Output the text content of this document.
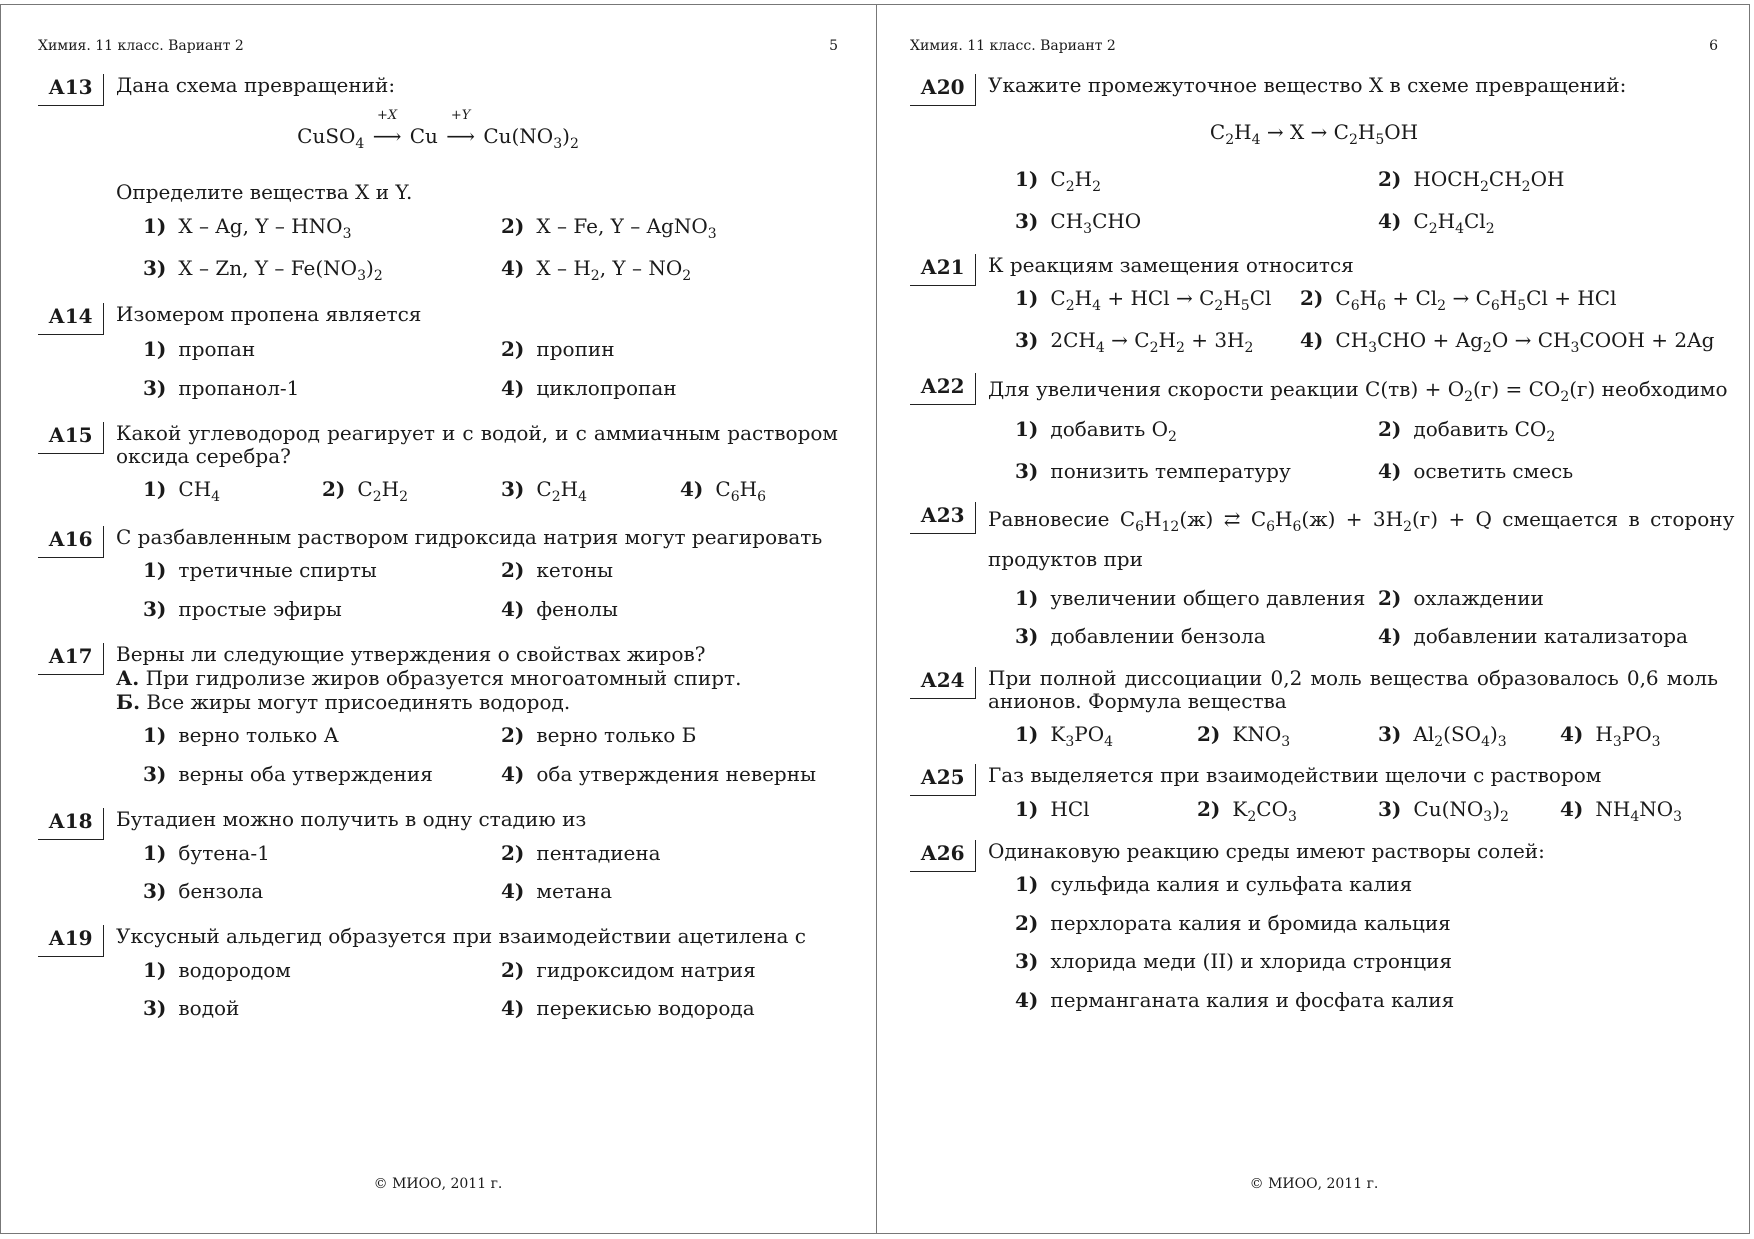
Химия. 11 класс. Вариант 2	5
А13	Дана схема превращений:
CuSO$_4$
+X
⟶ Cu
+Y
⟶ $Cu(NO_3)_2$
Определите вещества X и Y.
1) X – Ag, Y – $HNO_3$	2) X – Fe, Y – AgNO$_3$
3) X – Zn, Y – $Fe(NO_3)_2$	4) X – $H_2$, Y – $NO_2$
А14	Изомером пропена является
1) пропан	2) пропин
3) пропанол-1	4) циклопропан
А15	Какой углеводород реагирует и с водой, и с аммиачным раствором оксида серебра?
1) $CH_4$	2) $C_2H_2$	3) $C_2H_4$	4) $C_6H_6$
А16	С разбавленным раствором гидроксида натрия могут реагировать
1) третичные спирты	2) кетоны
3) простые эфиры	4) фенолы
А17	Верны ли следующие утверждения о свойствах жиров?
А. При гидролизе жиров образуется многоатомный спирт.
Б. Все жиры могут присоединять водород.
1) верно только А	2) верно только Б
3) верны оба утверждения	4) оба утверждения неверны
А18	Бутадиен можно получить в одну стадию из
1) бутена-1	2) пентадиена
3) бензола	4) метана
А19	Уксусный альдегид образуется при взаимодействии ацетилена с
1) водородом	2) гидроксидом натрия
3) водой	4) перекисью водорода
© МИОО, 2011 г.
Химия. 11 класс. Вариант 2	6
А20	Укажите промежуточное вещество X в схеме превращений:
$C_2H_4 \to X \to C_2H_5OH$
1) $C_2H_2$	2) $HOCH_2CH_2OH$
3) $CH_3CHO$	4) $C_2H_4Cl_2$
А21	К реакциям замещения относится
1) $C_2H_4$ + HCl → $C_2H_5Cl$ 2) $C_6H_6 + Cl_2 \to C_6H_5Cl$ + HCl
3) $2CH_4 \to C_2H_2 + 3H_2$ 4) $CH_3CHO + Ag_2O$ → $CH_3COOH + 2Ag$
А22	Для увеличения скорости реакции $C(тв) + O_2(г) = CO_2(г)$ необходимо
1) добавить $O_2$	2) добавить $CO_2$
3) понизить температуру	4) осветить смесь
А23	Равновесие $C_6H_{12}(ж)$ ⇄ $C_6H_6(ж) + 3H_2(г) + Q$ смещается в сторону
продуктов при
1) увеличении общего давления 2) охлаждении
3) добавлении бензола	4) добавлении катализатора
А24	При полной диссоциации 0,2 моль вещества образовалось 0,6 моль анионов. Формула вещества
1) $K_3PO_4$	2) $KNO_3$	3) $Al_2(SO_4)_3$	4) $H_3PO_3$
А25	Газ выделяется при взаимодействии щелочи с раствором
1) HCl	2) $K_2CO_3$	3) $Cu(NO_3)_2$	4) $NH_4NO_3$
А26	Одинаковую реакцию среды имеют растворы солей:
1) сульфида калия и сульфата калия
2) перхлората калия и бромида кальция
3) хлорида меди (II) и хлорида стронция
4) перманганата калия и фосфата калия
© МИОО, 2011 г.
